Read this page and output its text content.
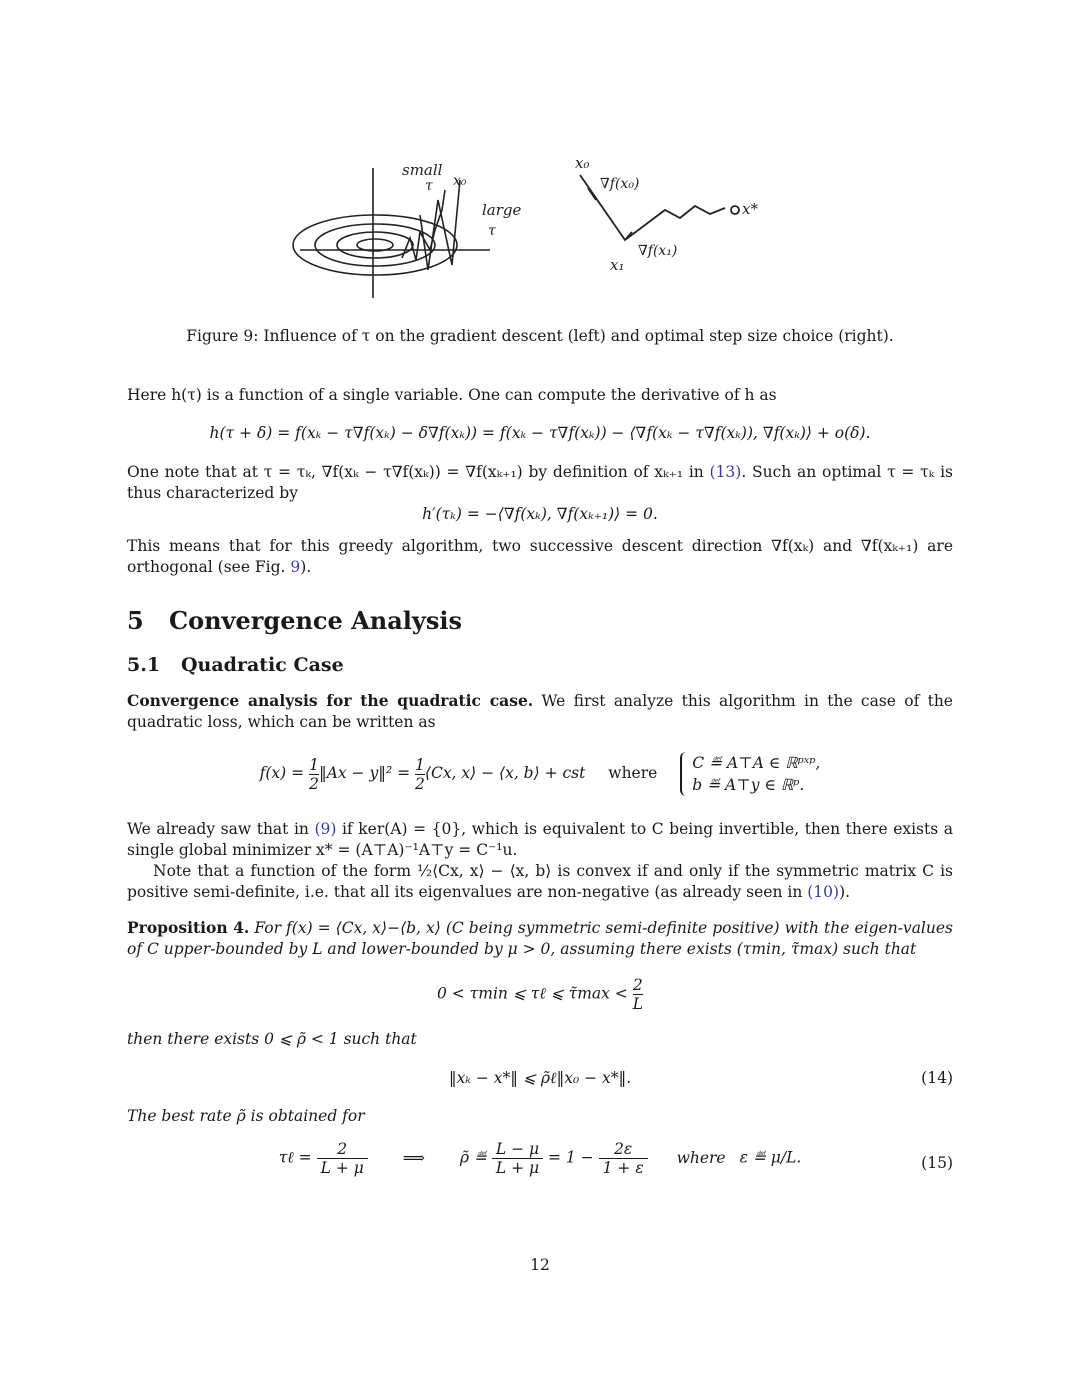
small
τ x₀
large
τ
x₀
∇f(x₀)
x₁
∇f(x₁)
x*
Figure 9: Influence of τ on the gradient descent (left) and optimal step size choice (right).
Here h(τ) is a function of a single variable. One can compute the derivative of h as
h(τ + δ) = f(xₖ − τ∇f(xₖ) − δ∇f(xₖ)) = f(xₖ − τ∇f(xₖ)) − ⟨∇f(xₖ − τ∇f(xₖ)), ∇f(xₖ)⟩ + o(δ).
One note that at τ = τₖ, ∇f(xₖ − τ∇f(xₖ)) = ∇f(xₖ₊₁) by definition of xₖ₊₁ in (13). Such an optimal τ = τₖ is thus characterized by
h′(τₖ) = −⟨∇f(xₖ), ∇f(xₖ₊₁)⟩ = 0.
This means that for this greedy algorithm, two successive descent direction ∇f(xₖ) and ∇f(xₖ₊₁) are orthogonal (see Fig. 9).
5 Convergence Analysis
5.1 Quadratic Case
Convergence analysis for the quadratic case. We first analyze this algorithm in the case of the quadratic loss, which can be written as
$f(x) = \frac{1}{2}$ ‖Ax − y‖² = $\frac{1}{2}$ ⟨Cx, x⟩ − ⟨x, b⟩ + cst where
C ≝ A⊤A ∈ ℝᵖˣᵖ,
b ≝ A⊤y ∈ ℝᵖ.
We already saw that in (9) if ker(A) = {0}, which is equivalent to C being invertible, then there exists a single global minimizer x* = (A⊤A)⁻¹A⊤y = C⁻¹u.
Note that a function of the form ½⟨Cx, x⟩ − ⟨x, b⟩ is convex if and only if the symmetric matrix C is positive semi-definite, i.e. that all its eigenvalues are non-negative (as already seen in (10)).
Proposition 4. For f(x) = ⟨Cx, x⟩−⟨b, x⟩ (C being symmetric semi-definite positive) with the eigen-values of C upper-bounded by L and lower-bounded by μ > 0, assuming there exists (τmin, τ̃max) such that
0 < τmin ⩽ τℓ ⩽ τ̃max < $\frac{2}{L}$
then there exists 0 ⩽ ρ̃ < 1 such that
‖xₖ − x*‖ ⩽ ρ̃ℓ‖x₀ − x*‖.	(14)
The best rate ρ̃ is obtained for
τℓ = $\frac{2}{L + \mu}$ ⟹ ρ̃ ≝ $\frac{L - \mu}{L + \mu} = 1 - \frac{2\varepsilon}{1 + \varepsilon}$ where ε ≝ μ/L.	(15)
12
